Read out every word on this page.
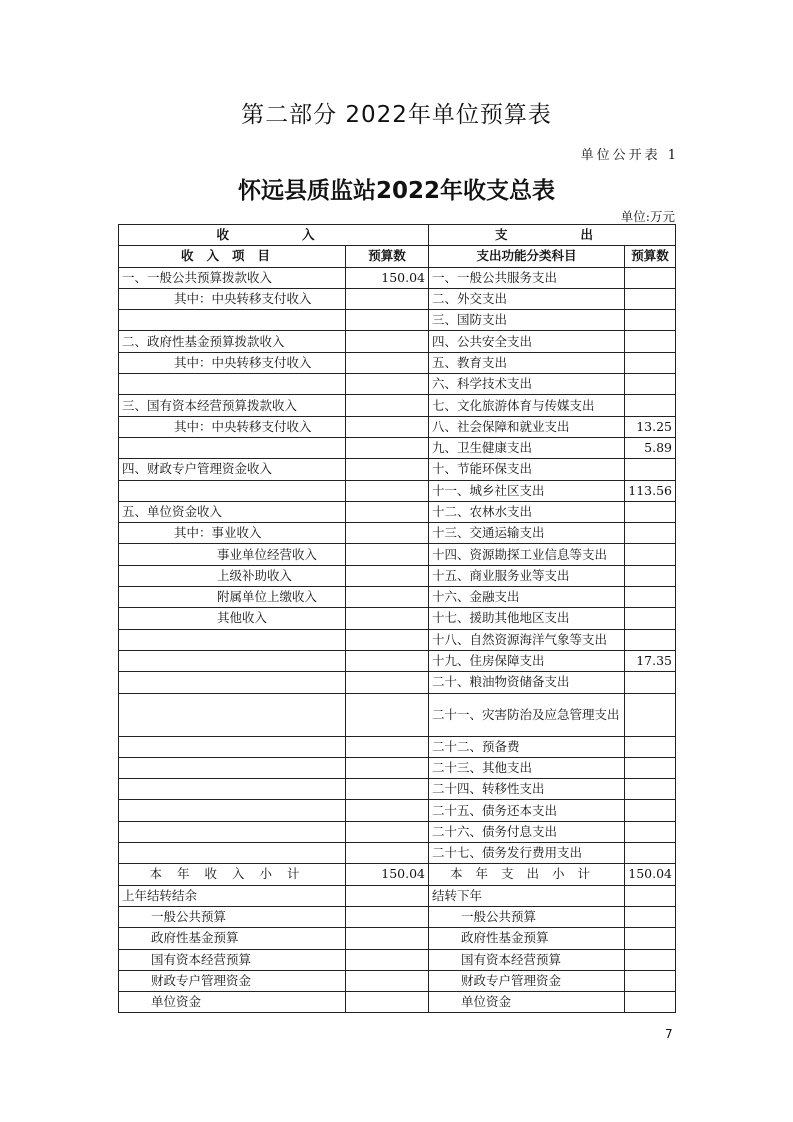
第二部分 2022年单位预算表
单位公开表 1
怀远县质监站2022年收支总表
单位:万元
收　　入		支　　出	
收入项目	预算数	支出功能分类科目	预算数
一、一般公共预算拨款收入	150.04	一、一般公共服务支出	
其中：中央转移支付收入		二、外交支出	
		三、国防支出	
二、政府性基金预算拨款收入		四、公共安全支出	
其中：中央转移支付收入		五、教育支出	
		六、科学技术支出	
三、国有资本经营预算拨款收入		七、文化旅游体育与传媒支出	
其中：中央转移支付收入		八、社会保障和就业支出	13.25
		九、卫生健康支出	5.89
四、财政专户管理资金收入		十、节能环保支出	
		十一、城乡社区支出	113.56
五、单位资金收入		十二、农林水支出	
其中：事业收入		十三、交通运输支出	
事业单位经营收入		十四、资源勘探工业信息等支出	
上级补助收入		十五、商业服务业等支出	
附属单位上缴收入		十六、金融支出	
其他收入		十七、援助其他地区支出	
		十八、自然资源海洋气象等支出	
		十九、住房保障支出	17.35
		二十、粮油物资储备支出	
		二十一、灾害防治及应急管理支出	
		二十二、预备费	
		二十三、其他支出	
		二十四、转移性支出	
		二十五、债务还本支出	
		二十六、债务付息支出	
		二十七、债务发行费用支出	
本年收入小计	150.04	本年支出小计	150.04
上年结转结余		结转下年	
一般公共预算		一般公共预算	
政府性基金预算		政府性基金预算	
国有资本经营预算		国有资本经营预算	
财政专户管理资金		财政专户管理资金	
单位资金		单位资金	
7
